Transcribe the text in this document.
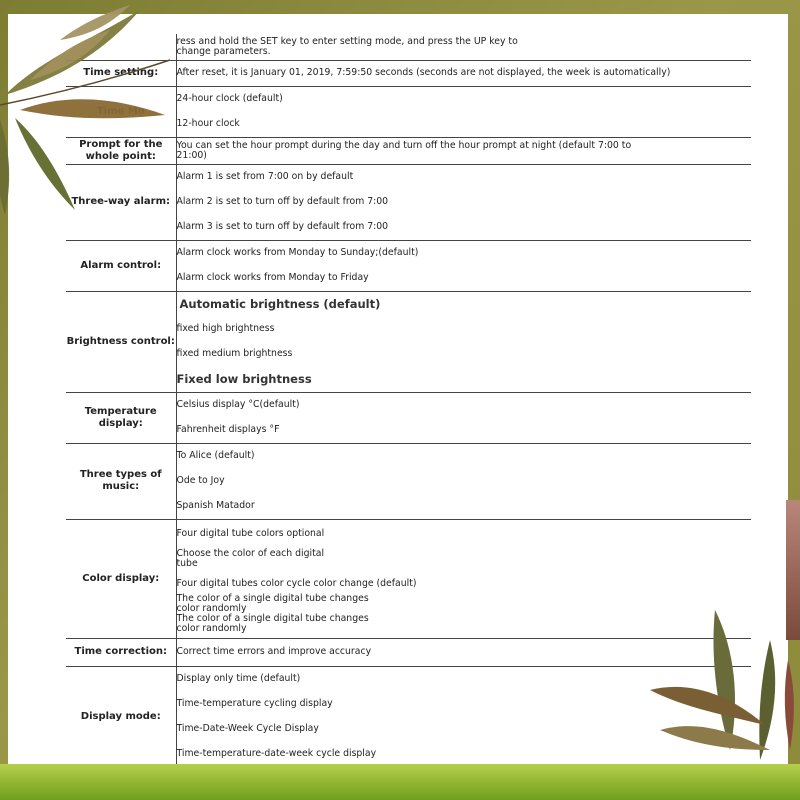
ress and hold the SET key to enter setting mode, and press the UP key to change parameters.

Time setting:	After reset, it is January 01, 2019, 7:59:50 seconds (seconds are not displayed, the week is automatically)

24-hour clock (default)
12-hour clock

Prompt for the whole point:	You can set the hour prompt during the day and turn off the hour prompt at night (default 7:00 to 21:00)

Three-way alarm:	Alarm 1 is set from 7:00 on by default
Alarm 2 is set to turn off by default from 7:00
Alarm 3 is set to turn off by default from 7:00

Alarm control:	Alarm clock works from Monday to Sunday;(default)
Alarm clock works from Monday to Friday

Brightness control:	Automatic brightness (default)
fixed high brightness
fixed medium brightness
Fixed low brightness

Temperature display:	Celsius display °C(default)
Fahrenheit displays °F

Three types of music:	To Alice (default)
Ode to Joy
Spanish Matador

Color display:	Four digital tube colors optional
Choose the color of each digital tube
Four digital tubes color cycle color change (default)
The color of a single digital tube changes color randomly
The color of a single digital tube changes color randomly

Time correction:	Correct time errors and improve accuracy

Display mode:	Display only time (default)
Time-temperature cycling display
Time-Date-Week Cycle Display
Time-temperature-date-week cycle display
